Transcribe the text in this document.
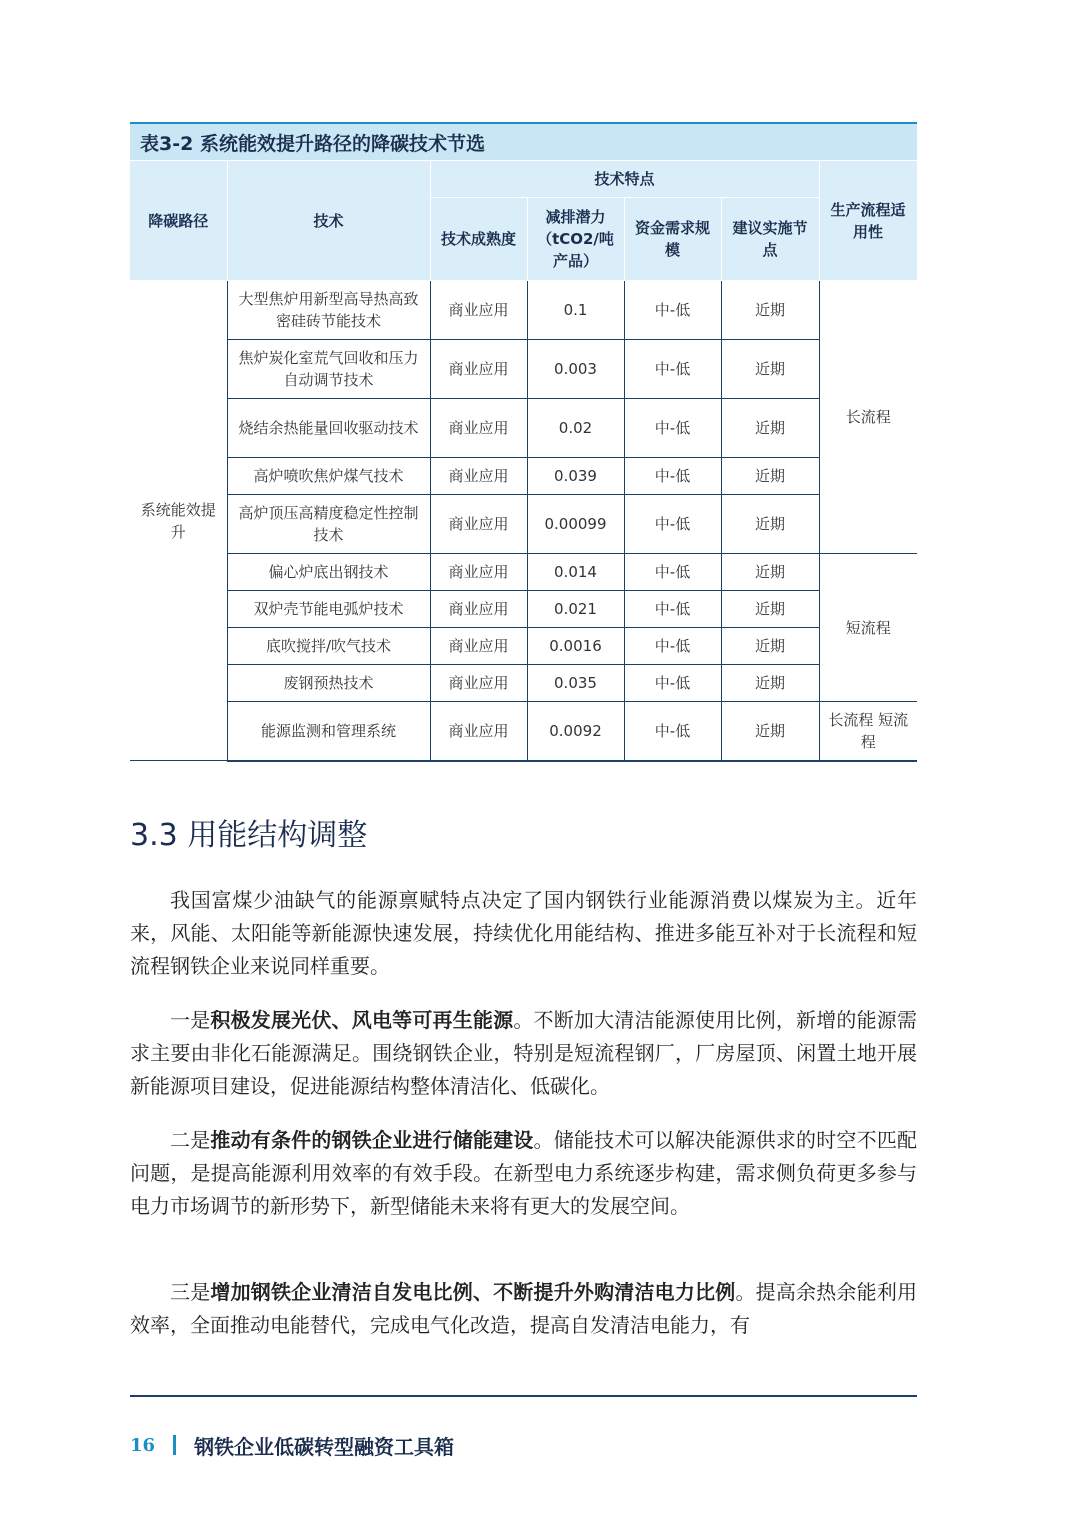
表3-2 系统能效提升路径的降碳技术节选
降碳路径	技术	技术特点				生产流程适用性
		技术成熟度	减排潜力（tCO2/吨产品）	资金需求规模	建议实施节点	
系统能效提升	大型焦炉用新型高导热高致密硅砖节能技术	商业应用	0.1	中-低	近期	长流程
	焦炉炭化室荒气回收和压力自动调节技术	商业应用	0.003	中-低	近期	
	烧结余热能量回收驱动技术	商业应用	0.02	中-低	近期	
	高炉喷吹焦炉煤气技术	商业应用	0.039	中-低	近期	
	高炉顶压高精度稳定性控制技术	商业应用	0.00099	中-低	近期	
	偏心炉底出钢技术	商业应用	0.014	中-低	近期	短流程
	双炉壳节能电弧炉技术	商业应用	0.021	中-低	近期	
	底吹搅拌/吹气技术	商业应用	0.0016	中-低	近期	
	废钢预热技术	商业应用	0.035	中-低	近期	
	能源监测和管理系统	商业应用	0.0092	中-低	近期	长流程 短流程
3.3 用能结构调整

我国富煤少油缺气的能源禀赋特点决定了国内钢铁行业能源消费以煤炭为主。近年来，风能、太阳能等新能源快速发展，持续优化用能结构、推进多能互补对于长流程和短流程钢铁企业来说同样重要。

一是积极发展光伏、风电等可再生能源。不断加大清洁能源使用比例，新增的能源需求主要由非化石能源满足。围绕钢铁企业，特别是短流程钢厂，厂房屋顶、闲置土地开展新能源项目建设，促进能源结构整体清洁化、低碳化。

二是推动有条件的钢铁企业进行储能建设。储能技术可以解决能源供求的时空不匹配问题，是提高能源利用效率的有效手段。在新型电力系统逐步构建，需求侧负荷更多参与电力市场调节的新形势下，新型储能未来将有更大的发展空间。

三是增加钢铁企业清洁自发电比例、不断提升外购清洁电力比例。提高余热余能利用效率，全面推动电能替代，完成电气化改造，提高自发清洁电能力，有

16 钢铁企业低碳转型融资工具箱
